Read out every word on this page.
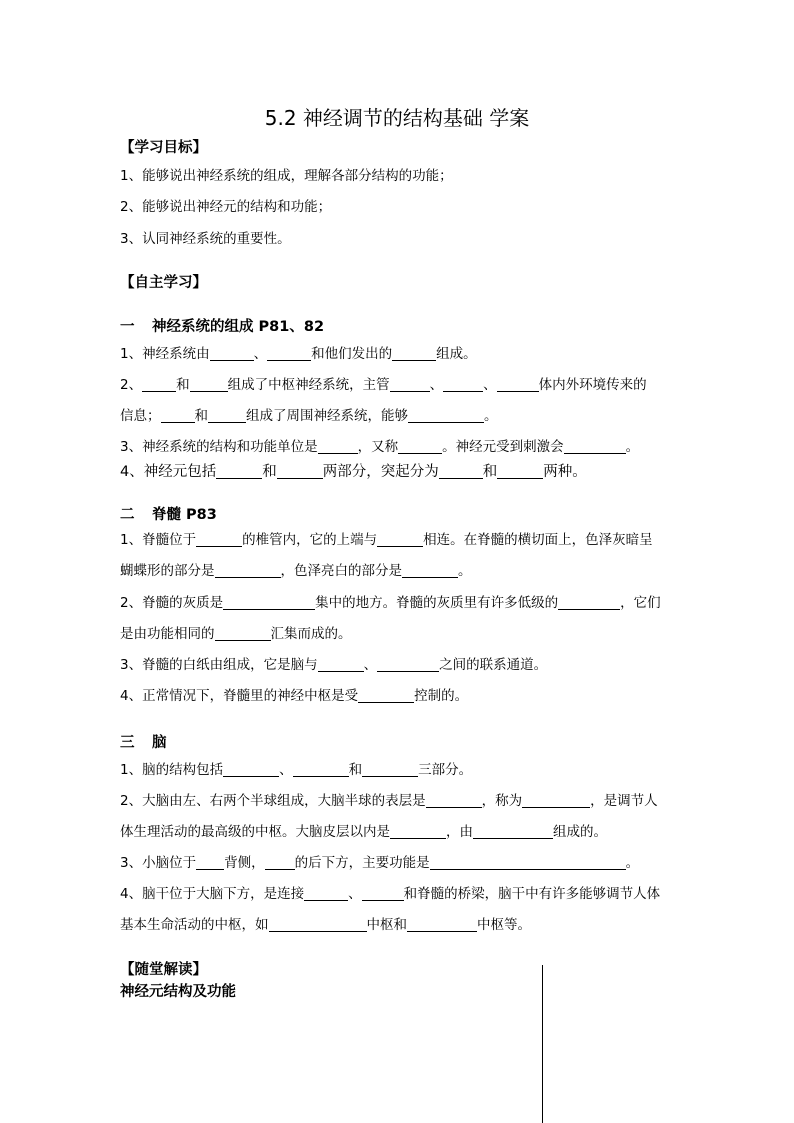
5.2 神经调节的结构基础 学案
【学习目标】
1、能够说出神经系统的组成，理解各部分结构的功能；
2、能够说出神经元的结构和功能；
3、认同神经系统的重要性。
【自主学习】
一 神经系统的组成 P81、82
1、神经系统由	、	和他们发出的	组成。
2、	和	组成了中枢神经系统，主管	、	、	体内外环境传来的
信息；	和	组成了周围神经系统，能够	。
3、神经系统的结构和功能单位是	，又称	。神经元受到刺激会	。
4、神经元包括	和	两部分，突起分为	和	两种。
二 脊髓 P83
1、脊髓位于	的椎管内，它的上端与	相连。在脊髓的横切面上，色泽灰暗呈
蝴蝶形的部分是	，色泽亮白的部分是	。
2、脊髓的灰质是	集中的地方。脊髓的灰质里有许多低级的	，它们
是由功能相同的	汇集而成的。
3、脊髓的白纸由组成，它是脑与	、	之间的联系通道。
4、正常情况下，脊髓里的神经中枢是受	控制的。
三 脑
1、脑的结构包括	、	和	三部分。
2、大脑由左、右两个半球组成，大脑半球的表层是	，称为	，是调节人
体生理活动的最高级的中枢。大脑皮层以内是	，由	组成的。
3、小脑位于 背侧， 的后下方，主要功能是	。
4、脑干位于大脑下方，是连接	、	和脊髓的桥梁，脑干中有许多能够调节人体
基本生命活动的中枢，如	中枢和	中枢等。
【随堂解读】
神经元结构及功能
